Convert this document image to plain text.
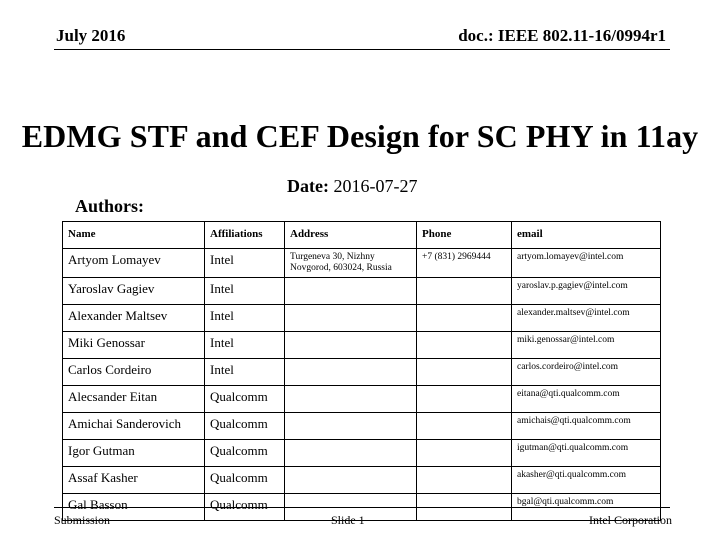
July 2016	doc.: IEEE 802.11-16/0994r1
EDMG STF and CEF Design for SC PHY in 11ay
Date: 2016-07-27
Authors:
Name	Affiliations	Address	Phone	email
Artyom Lomayev	Intel	Turgeneva 30, Nizhny Novgorod, 603024, Russia	+7 (831) 2969444	artyom.lomayev@intel.com
Yaroslav Gagiev	Intel			yaroslav.p.gagiev@intel.com
Alexander Maltsev	Intel			alexander.maltsev@intel.com
Miki Genossar	Intel			miki.genossar@intel.com
Carlos Cordeiro	Intel			carlos.cordeiro@intel.com
Alecsander Eitan	Qualcomm			eitana@qti.qualcomm.com
Amichai Sanderovich	Qualcomm			amichais@qti.qualcomm.com
Igor Gutman	Qualcomm			igutman@qti.qualcomm.com
Assaf Kasher	Qualcomm			akasher@qti.qualcomm.com
Gal Basson	Qualcomm			bgal@qti.qualcomm.com
Submission	Slide 1	Intel Corporation
